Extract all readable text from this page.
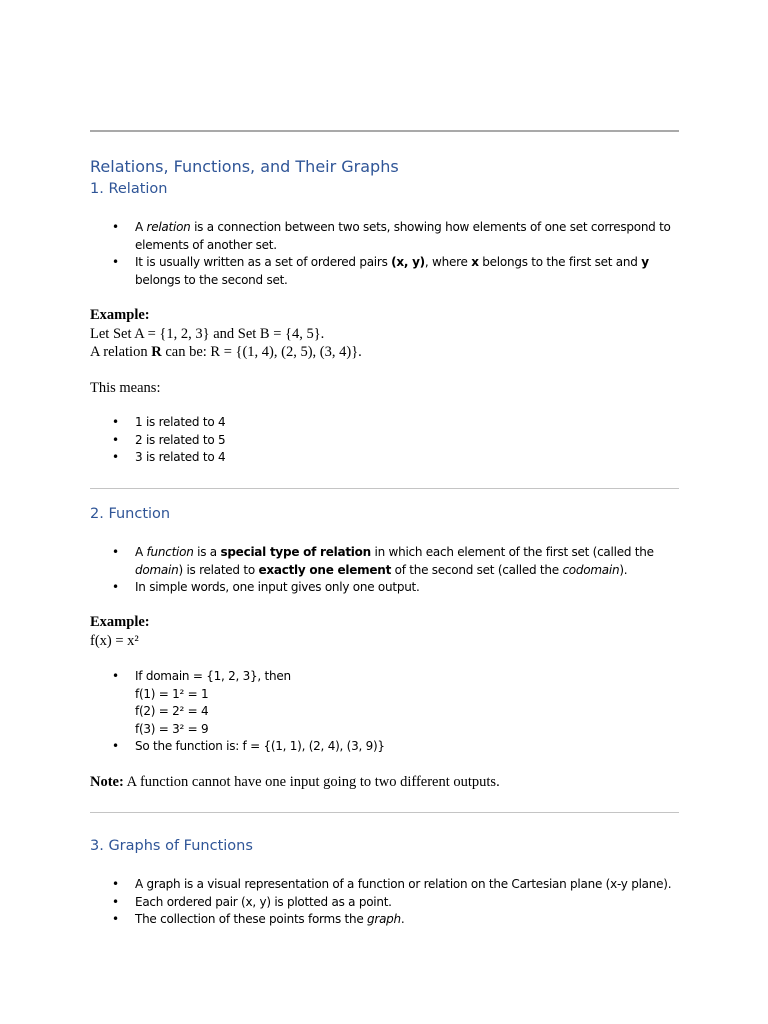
Relations, Functions, and Their Graphs
1. Relation
• A relation is a connection between two sets, showing how elements of one set correspond to elements of another set.
• It is usually written as a set of ordered pairs (x, y), where x belongs to the first set and y belongs to the second set.

Example:

Let Set A = {1, 2, 3} and Set B = {4, 5}.

A relation R can be: R = {(1, 4), (2, 5), (3, 4)}.

This means:

• 1 is related to 4
• 2 is related to 5
• 3 is related to 4
2. Function
• A function is a special type of relation in which each element of the first set (called the domain) is related to exactly one element of the second set (called the codomain).
• In simple words, one input gives only one output.

Example:

f(x) = x²

• If domain = {1, 2, 3}, then
f(1) = 1² = 1
f(2) = 2² = 4
f(3) = 3² = 9
• So the function is: f = {(1, 1), (2, 4), (3, 9)}

Note: A function cannot have one input going to two different outputs.

3. Graphs of Functions
• A graph is a visual representation of a function or relation on the Cartesian plane (x-y plane).
• Each ordered pair (x, y) is plotted as a point.
• The collection of these points forms the graph.
